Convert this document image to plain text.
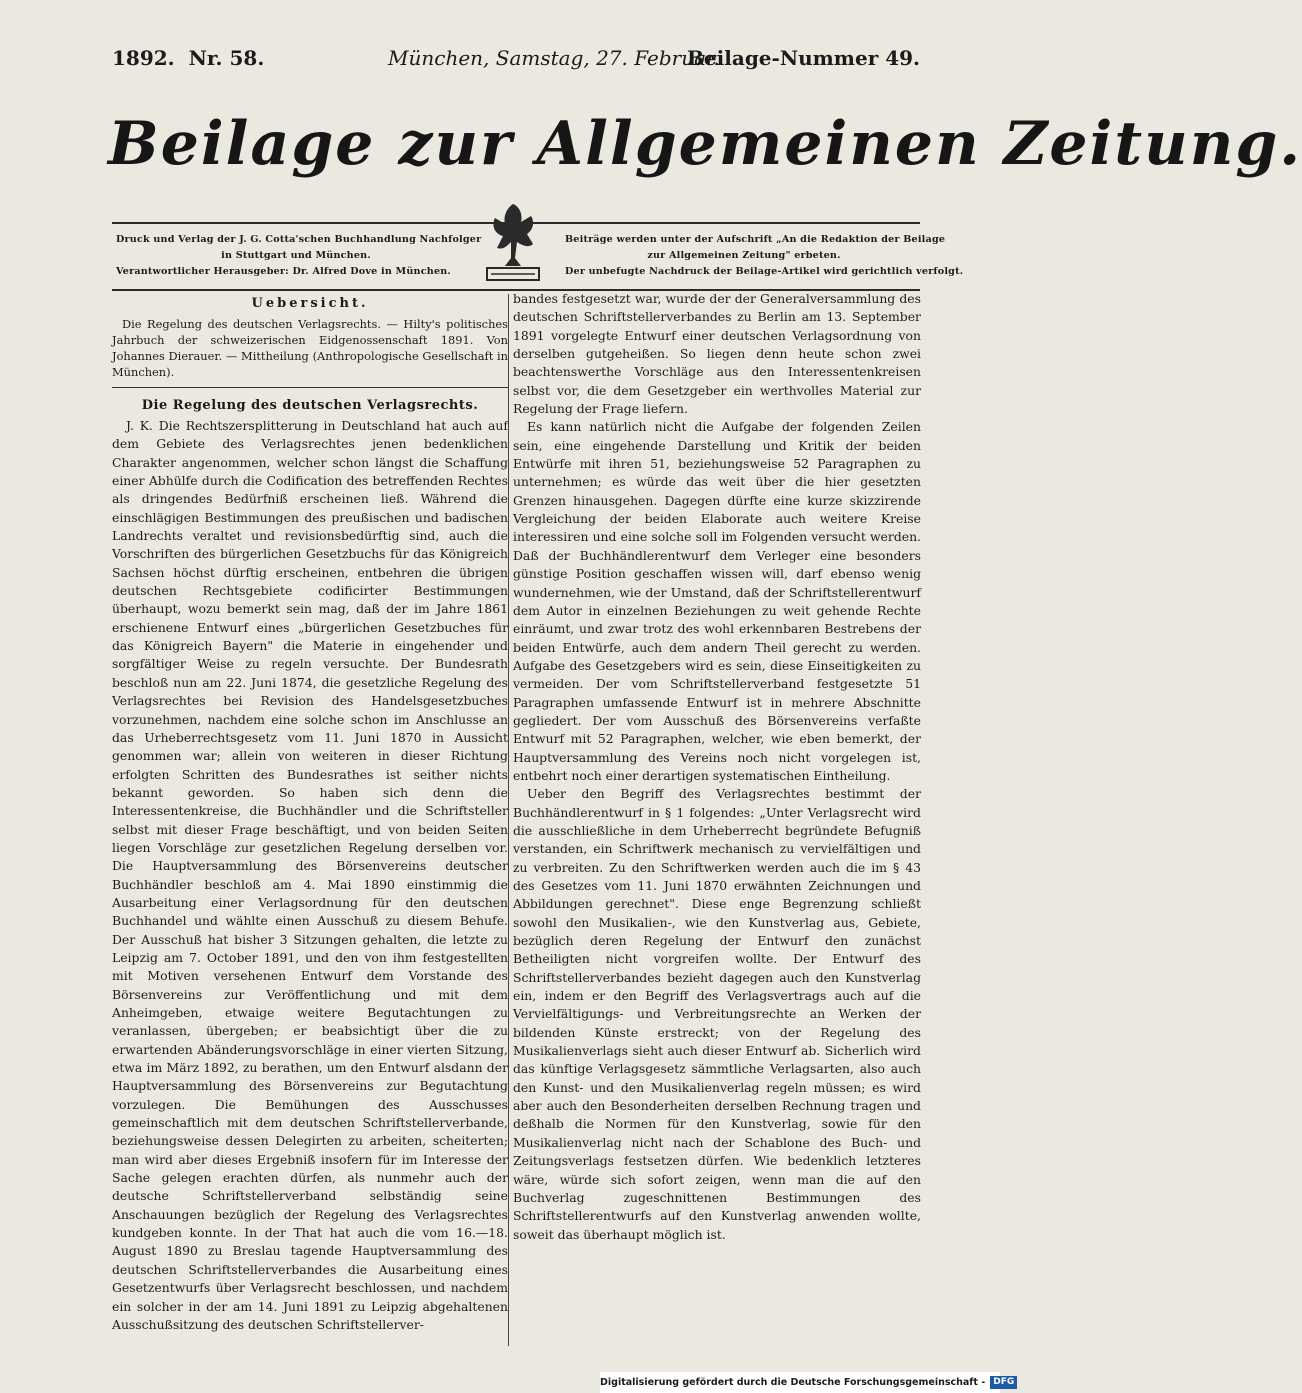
1892. Nr. 58.	München, Samstag, 27. Februar.
Beilage-Nummer 49.
Beilage zur Allgemeinen Zeitung.

Druck und Verlag der J. G. Cotta'schen Buchhandlung Nachfolger

in Stuttgart und München.

Verantwortlicher Herausgeber: Dr. Alfred Dove in München.

Beiträge werden unter der Aufschrift „An die Redaktion der Beilage

zur Allgemeinen Zeitung" erbeten.

Der unbefugte Nachdruck der Beilage-Artikel wird gerichtlich verfolgt.

Uebersicht.

Die Regelung des deutschen Verlagsrechts. — Hilty's politisches Jahrbuch der schweizerischen Eidgenossenschaft 1891. Von Johannes Dierauer. — Mittheilung (Anthropologische Gesellschaft in München).

Die Regelung des deutschen Verlagsrechts.

J. K. Die Rechtszersplitterung in Deutschland hat auch auf dem Gebiete des Verlagsrechtes jenen bedenklichen Charakter angenommen, welcher schon längst die Schaffung einer Abhülfe durch die Codification des betreffenden Rechtes als dringendes Bedürfniß erscheinen ließ. Während die einschlägigen Bestimmungen des preußischen und badischen Landrechts veraltet und revisionsbedürftig sind, auch die Vorschriften des bürgerlichen Gesetzbuchs für das Königreich Sachsen höchst dürftig erscheinen, entbehren die übrigen deutschen Rechtsgebiete codificirter Bestimmungen überhaupt, wozu bemerkt sein mag, daß der im Jahre 1861 erschienene Entwurf eines „bürgerlichen Gesetzbuches für das Königreich Bayern" die Materie in eingehender und sorgfältiger Weise zu regeln versuchte. Der Bundesrath beschloß nun am 22. Juni 1874, die gesetzliche Regelung des Verlagsrechtes bei Revision des Handelsgesetzbuches vorzunehmen, nachdem eine solche schon im Anschlusse an das Urheberrechtsgesetz vom 11. Juni 1870 in Aussicht genommen war; allein von weiteren in dieser Richtung erfolgten Schritten des Bundesrathes ist seither nichts bekannt geworden. So haben sich denn die Interessentenkreise, die Buchhändler und die Schriftsteller selbst mit dieser Frage beschäftigt, und von beiden Seiten liegen Vorschläge zur gesetzlichen Regelung derselben vor. Die Hauptversammlung des Börsenvereins deutscher Buchhändler beschloß am 4. Mai 1890 einstimmig die Ausarbeitung einer Verlagsordnung für den deutschen Buchhandel und wählte einen Ausschuß zu diesem Behufe. Der Ausschuß hat bisher 3 Sitzungen gehalten, die letzte zu Leipzig am 7. October 1891, und den von ihm festgestellten mit Motiven versehenen Entwurf dem Vorstande des Börsenvereins zur Veröffentlichung und mit dem Anheimgeben, etwaige weitere Begutachtungen zu veranlassen, übergeben; er beabsichtigt über die zu erwartenden Abänderungsvorschläge in einer vierten Sitzung, etwa im März 1892, zu berathen, um den Entwurf alsdann der Hauptversammlung des Börsenvereins zur Begutachtung vorzulegen. Die Bemühungen des Ausschusses gemeinschaftlich mit dem deutschen Schriftstellerverbande, beziehungsweise dessen Delegirten zu arbeiten, scheiterten; man wird aber dieses Ergebniß insofern für im Interesse der Sache gelegen erachten dürfen, als nunmehr auch der deutsche Schriftstellerverband selbständig seine Anschauungen bezüglich der Regelung des Verlagsrechtes kundgeben konnte. In der That hat auch die vom 16.—18. August 1890 zu Breslau tagende Hauptversammlung des deutschen Schriftstellerverbandes die Ausarbeitung eines Gesetzentwurfs über Verlagsrecht beschlossen, und nachdem ein solcher in der am 14. Juni 1891 zu Leipzig abgehaltenen Ausschußsitzung des deutschen Schriftstellerver-

bandes festgesetzt war, wurde der der Generalversammlung des deutschen Schriftstellerverbandes zu Berlin am 13. September 1891 vorgelegte Entwurf einer deutschen Verlagsordnung von derselben gutgeheißen. So liegen denn heute schon zwei beachtenswerthe Vorschläge aus den Interessentenkreisen selbst vor, die dem Gesetzgeber ein werthvolles Material zur Regelung der Frage liefern.

Es kann natürlich nicht die Aufgabe der folgenden Zeilen sein, eine eingehende Darstellung und Kritik der beiden Entwürfe mit ihren 51, beziehungsweise 52 Paragraphen zu unternehmen; es würde das weit über die hier gesetzten Grenzen hinausgehen. Dagegen dürfte eine kurze skizzirende Vergleichung der beiden Elaborate auch weitere Kreise interessiren und eine solche soll im Folgenden versucht werden. Daß der Buchhändlerentwurf dem Verleger eine besonders günstige Position geschaffen wissen will, darf ebenso wenig wundernehmen, wie der Umstand, daß der Schriftstellerentwurf dem Autor in einzelnen Beziehungen zu weit gehende Rechte einräumt, und zwar trotz des wohl erkennbaren Bestrebens der beiden Entwürfe, auch dem andern Theil gerecht zu werden. Aufgabe des Gesetzgebers wird es sein, diese Einseitigkeiten zu vermeiden. Der vom Schriftstellerverband festgesetzte 51 Paragraphen umfassende Entwurf ist in mehrere Abschnitte gegliedert. Der vom Ausschuß des Börsenvereins verfaßte Entwurf mit 52 Paragraphen, welcher, wie eben bemerkt, der Hauptversammlung des Vereins noch nicht vorgelegen ist, entbehrt noch einer derartigen systematischen Eintheilung.

Ueber den Begriff des Verlagsrechtes bestimmt der Buchhändlerentwurf in § 1 folgendes: „Unter Verlagsrecht wird die ausschließliche in dem Urheberrecht begründete Befugniß verstanden, ein Schriftwerk mechanisch zu vervielfältigen und zu verbreiten. Zu den Schriftwerken werden auch die im § 43 des Gesetzes vom 11. Juni 1870 erwähnten Zeichnungen und Abbildungen gerechnet". Diese enge Begrenzung schließt sowohl den Musikalien-, wie den Kunstverlag aus, Gebiete, bezüglich deren Regelung der Entwurf den zunächst Betheiligten nicht vorgreifen wollte. Der Entwurf des Schriftstellerverbandes bezieht dagegen auch den Kunstverlag ein, indem er den Begriff des Verlagsvertrags auch auf die Vervielfältigungs- und Verbreitungsrechte an Werken der bildenden Künste erstreckt; von der Regelung des Musikalienverlags sieht auch dieser Entwurf ab. Sicherlich wird das künftige Verlagsgesetz sämmtliche Verlagsarten, also auch den Kunst- und den Musikalienverlag regeln müssen; es wird aber auch den Besonderheiten derselben Rechnung tragen und deßhalb die Normen für den Kunstverlag, sowie für den Musikalienverlag nicht nach der Schablone des Buch- und Zeitungsverlags festsetzen dürfen. Wie bedenklich letzteres wäre, würde sich sofort zeigen, wenn man die auf den Buchverlag zugeschnittenen Bestimmungen des Schriftstellerentwurfs auf den Kunstverlag anwenden wollte, soweit das überhaupt möglich ist.

Digitalisierung gefördert durch die Deutsche Forschungsgemeinschaft - DFG
